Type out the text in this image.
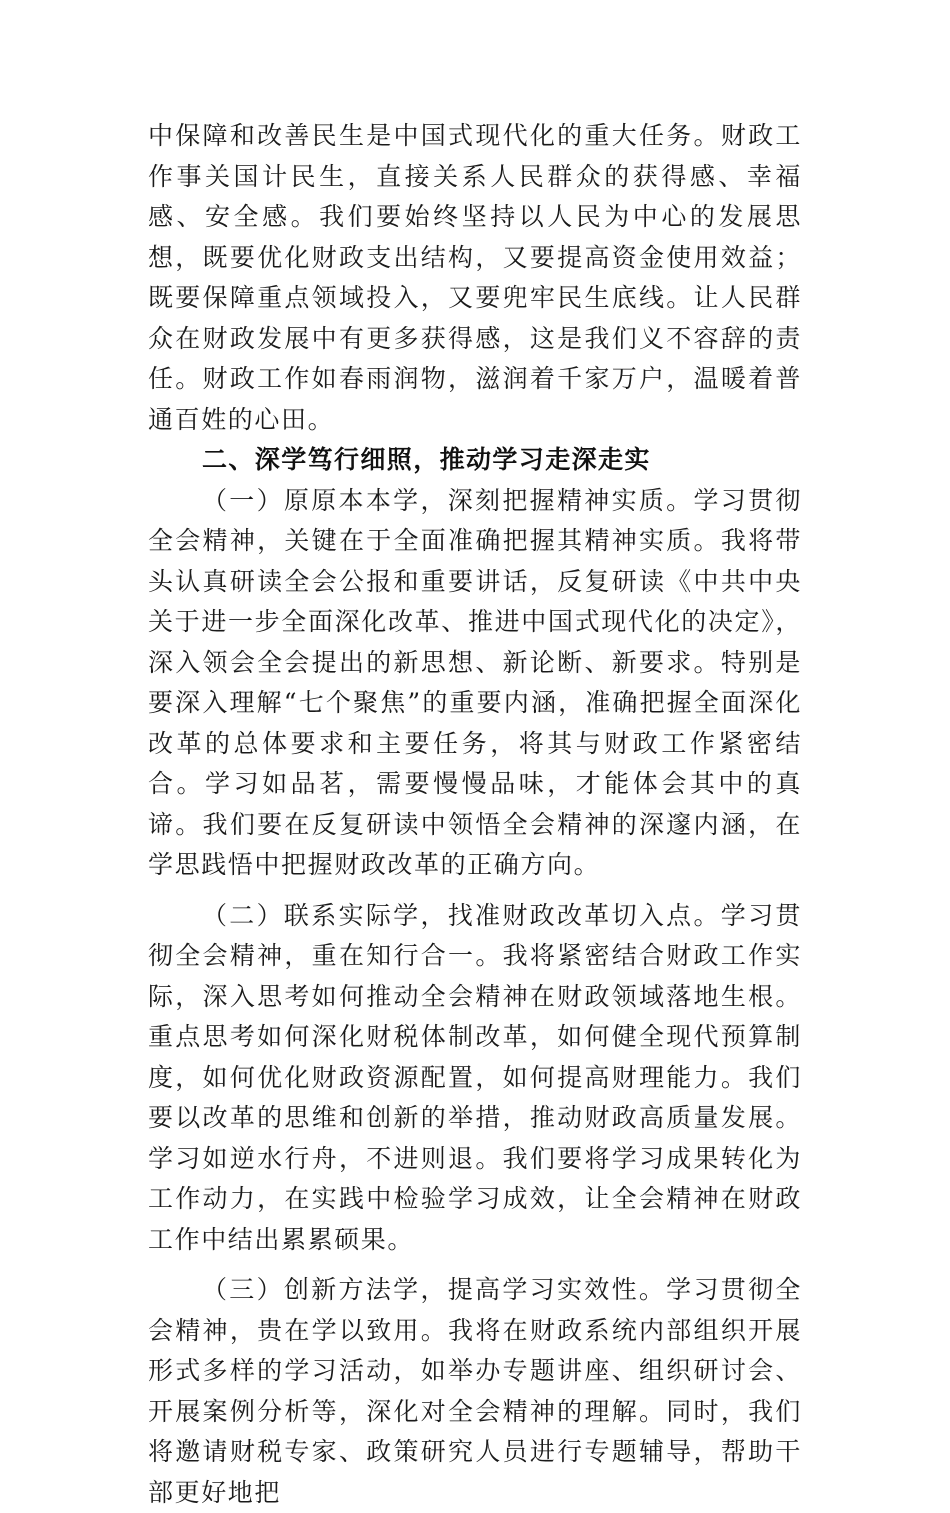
中保障和改善民生是中国式现代化的重大任务。财政工作事关国计民生，直接关系人民群众的获得感、幸福感、安全感。我们要始终坚持以人民为中心的发展思想，既要优化财政支出结构，又要提高资金使用效益；既要保障重点领域投入，又要兜牢民生底线。让人民群众在财政发展中有更多获得感，这是我们义不容辞的责任。财政工作如春雨润物，滋润着千家万户，温暖着普通百姓的心田。

二、深学笃行细照，推动学习走深走实

（一）原原本本学，深刻把握精神实质。学习贯彻全会精神，关键在于全面准确把握其精神实质。我将带头认真研读全会公报和重要讲话，反复研读《中共中央关于进一步全面深化改革、推进中国式现代化的决定》，深入领会全会提出的新思想、新论断、新要求。特别是要深入理解“七个聚焦”的重要内涵，准确把握全面深化改革的总体要求和主要任务，将其与财政工作紧密结合。学习如品茗，需要慢慢品味，才能体会其中的真谛。我们要在反复研读中领悟全会精神的深邃内涵，在学思践悟中把握财政改革的正确方向。

（二）联系实际学，找准财政改革切入点。学习贯彻全会精神，重在知行合一。我将紧密结合财政工作实际，深入思考如何推动全会精神在财政领域落地生根。重点思考如何深化财税体制改革，如何健全现代预算制度，如何优化财政资源配置，如何提高财理能力。我们要以改革的思维和创新的举措，推动财政高质量发展。学习如逆水行舟，不进则退。我们要将学习成果转化为工作动力，在实践中检验学习成效，让全会精神在财政工作中结出累累硕果。

（三）创新方法学，提高学习实效性。学习贯彻全会精神，贵在学以致用。我将在财政系统内部组织开展形式多样的学习活动，如举办专题讲座、组织研讨会、开展案例分析等，深化对全会精神的理解。同时，我们将邀请财税专家、政策研究人员进行专题辅导，帮助干部更好地把
